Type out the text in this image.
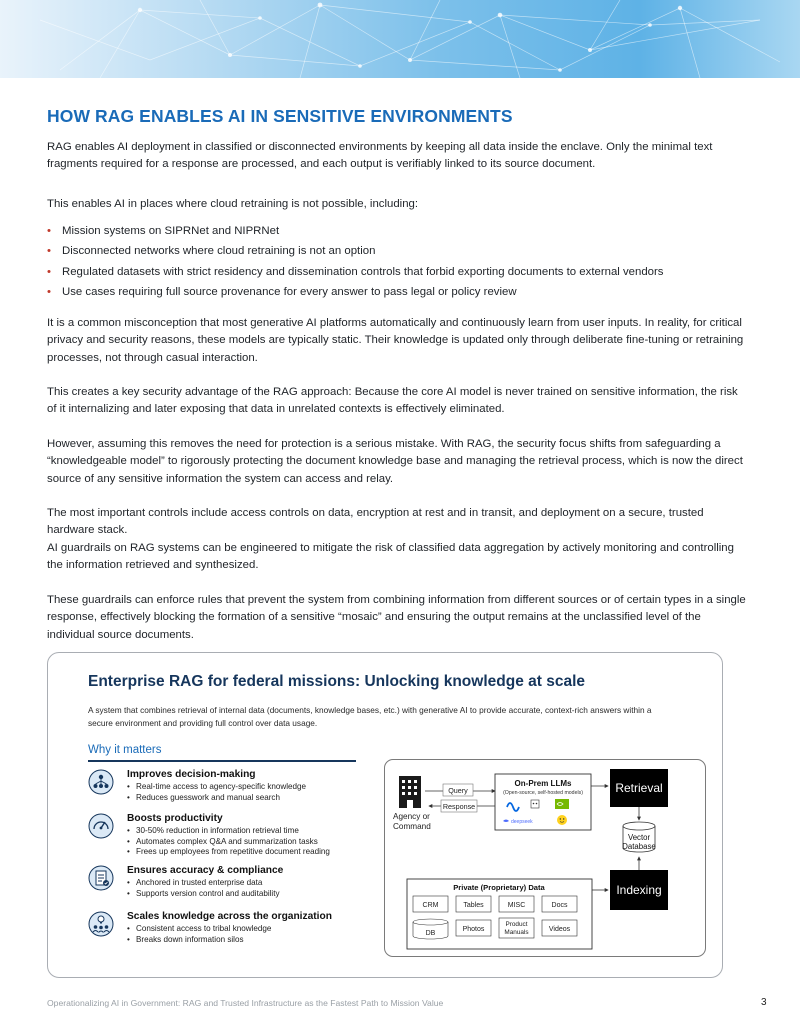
HOW RAG ENABLES AI IN SENSITIVE ENVIRONMENTS

RAG enables AI deployment in classified or disconnected environments by keeping all data inside the enclave. Only the minimal text fragments required for a response are processed, and each output is verifiably linked to its source document.

This enables AI in places where cloud retraining is not possible, including:

• Mission systems on SIPRNet and NIPRNet
• Disconnected networks where cloud retraining is not an option
• Regulated datasets with strict residency and dissemination controls that forbid exporting documents to external vendors
• Use cases requiring full source provenance for every answer to pass legal or policy review

It is a common misconception that most generative AI platforms automatically and continuously learn from user inputs. In reality, for critical privacy and security reasons, these models are typically static. Their knowledge is updated only through deliberate fine-tuning or retraining processes, not through casual interaction.

This creates a key security advantage of the RAG approach: Because the core AI model is never trained on sensitive information, the risk of it internalizing and later exposing that data in unrelated contexts is effectively eliminated.

However, assuming this removes the need for protection is a serious mistake. With RAG, the security focus shifts from safeguarding a “knowledgeable model” to rigorously protecting the document knowledge base and managing the retrieval process, which is now the direct source of any sensitive information the system can access and relay.

The most important controls include access controls on data, encryption at rest and in transit, and deployment on a secure, trusted hardware stack.

AI guardrails on RAG systems can be engineered to mitigate the risk of classified data aggregation by actively monitoring and controlling the information retrieved and synthesized.

These guardrails can enforce rules that prevent the system from combining information from different sources or of certain types in a single response, effectively blocking the formation of a sensitive “mosaic” and ensuring the output remains at the unclassified level of the individual source documents.

Enterprise RAG for federal missions: Unlocking knowledge at scale

A system that combines retrieval of internal data (documents, knowledge bases, etc.) with generative AI to provide accurate, context-rich answers within a secure environment and providing full control over data usage.

Why it matters
Improves decision-making
• Real-time access to agency-specific knowledge
• Reduces guesswork and manual search
Boosts productivity
• 30-50% reduction in information retrieval time
• Automates complex Q&A and summarization tasks
• Frees up employees from repetitive document reading
Ensures accuracy & compliance
• Anchored in trusted enterprise data
• Supports version control and auditability
Scales knowledge across the organization
• Consistent access to tribal knowledge
• Breaks down information silos
Agency or
Command
Query
Response
On-Prem LLMs
(Open-source, self-hosted models)
deepseek
Retrieval
Vector
Database
Indexing
Private (Proprietary) Data
CRM	Tables	MISC	Docs
DB
Photos
Product
Manuals	Videos
Operationalizing AI in Government: RAG and Trusted Infrastructure as the Fastest Path to Mission Value	3
